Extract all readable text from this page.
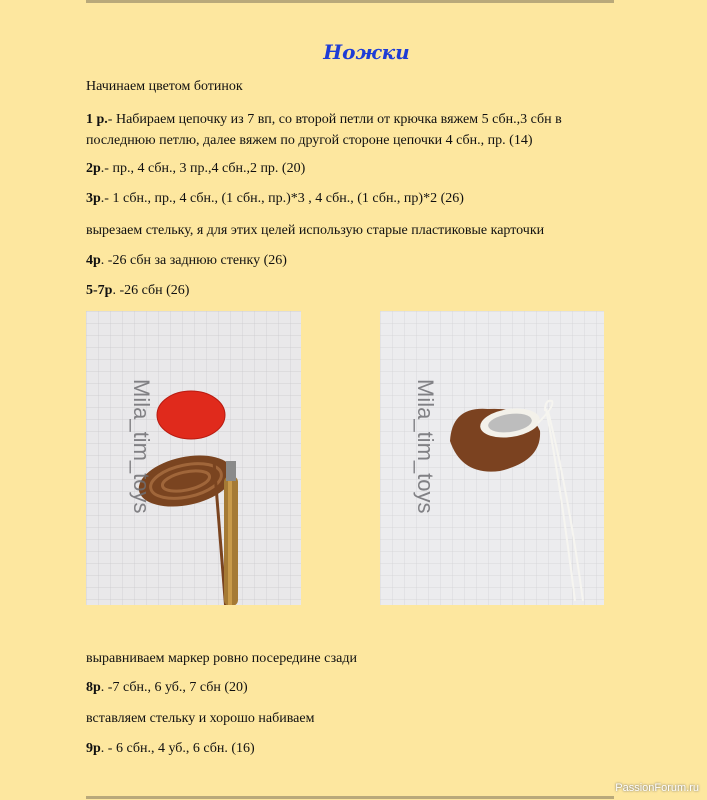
Ножки
Начинаем цветом ботинок
1 р.- Набираем цепочку из 7 вп, со второй петли от крючка вяжем 5 сбн.,3 сбн в последнюю петлю, далее вяжем по другой стороне цепочки 4 сбн., пр. (14)
2р.- пр., 4 сбн., 3 пр.,4 сбн.,2 пр. (20)
3р.- 1 сбн., пр., 4 сбн., (1 сбн., пр.)*3 , 4 сбн., (1 сбн., пр)*2 (26)
вырезаем стельку, я для этих целей использую старые пластиковые карточки
4р. -26 сбн за заднюю стенку (26)
5-7р. -26 сбн (26)
Mila_tim_toys	Mila_tim_toys
выравниваем маркер ровно посередине сзади
8р. -7 сбн., 6 уб., 7 сбн (20)
вставляем стельку и хорошо набиваем
9р. - 6 сбн., 4 уб., 6 сбн. (16)
PassionForum.ru
